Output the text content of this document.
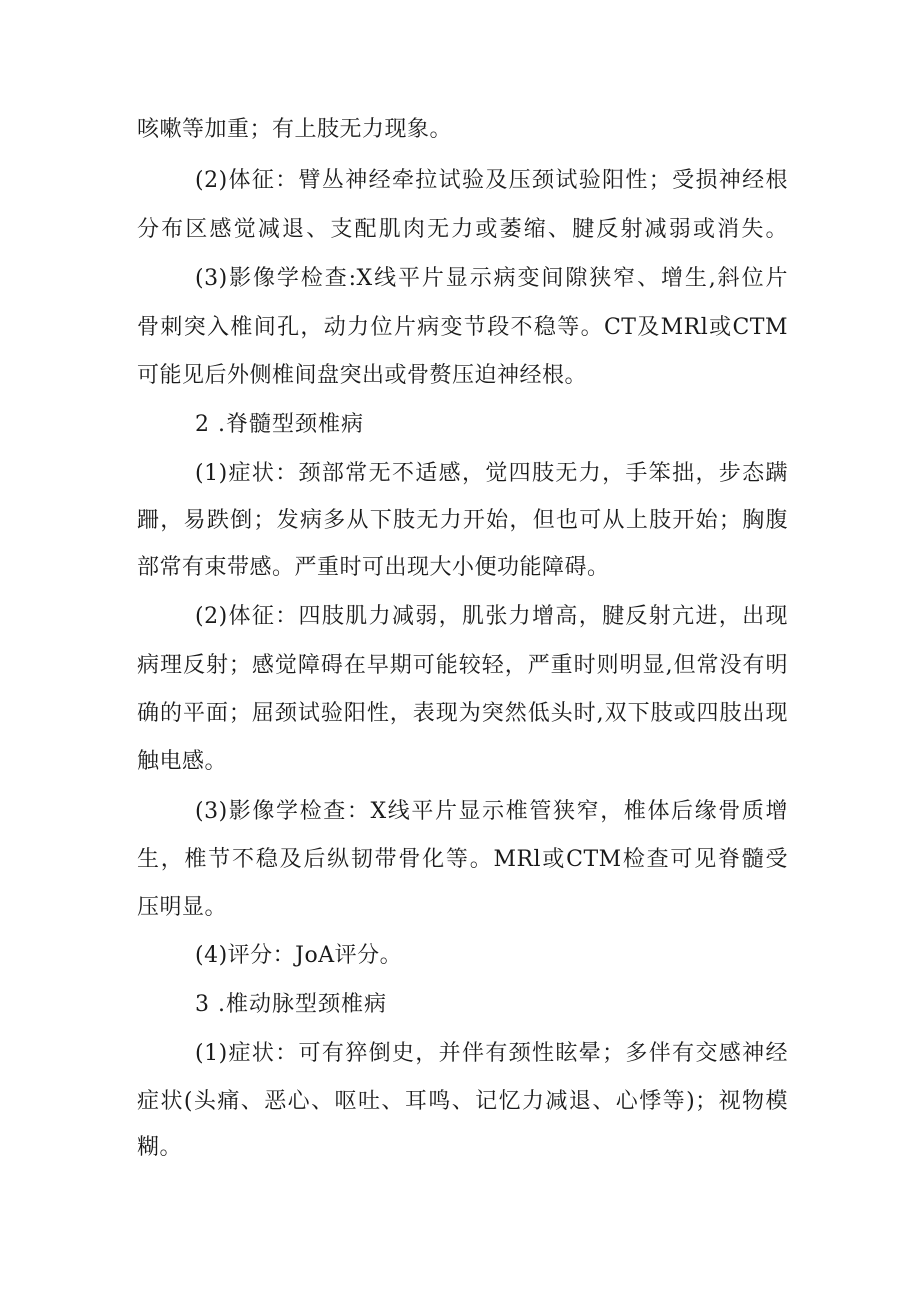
咳嗽等加重；有上肢无力现象。

(2)体征：臂丛神经牵拉试验及压颈试验阳性；受损神经根

分布区感觉减退、支配肌肉无力或萎缩、腱反射减弱或消失。

(3)影像学检查:X线平片显示病变间隙狭窄、增生,斜位片

骨刺突入椎间孔，动力位片病变节段不稳等。CT及MRl或CTM

可能见后外侧椎间盘突出或骨赘压迫神经根。

2 .脊髓型颈椎病

(1)症状：颈部常无不适感，觉四肢无力，手笨拙，步态蹒

跚，易跌倒；发病多从下肢无力开始，但也可从上肢开始；胸腹

部常有束带感。严重时可出现大小便功能障碍。

(2)体征：四肢肌力减弱，肌张力增高，腱反射亢进，出现

病理反射；感觉障碍在早期可能较轻，严重时则明显,但常没有明

确的平面；屈颈试验阳性，表现为突然低头时,双下肢或四肢出现

触电感。

(3)影像学检查：X线平片显示椎管狭窄，椎体后缘骨质增

生，椎节不稳及后纵韧带骨化等。MRl或CTM检查可见脊髓受

压明显。

(4)评分：JoA评分。

3 .椎动脉型颈椎病

(1)症状：可有猝倒史，并伴有颈性眩晕；多伴有交感神经

症状(头痛、恶心、呕吐、耳鸣、记忆力减退、心悸等)；视物模

糊。
